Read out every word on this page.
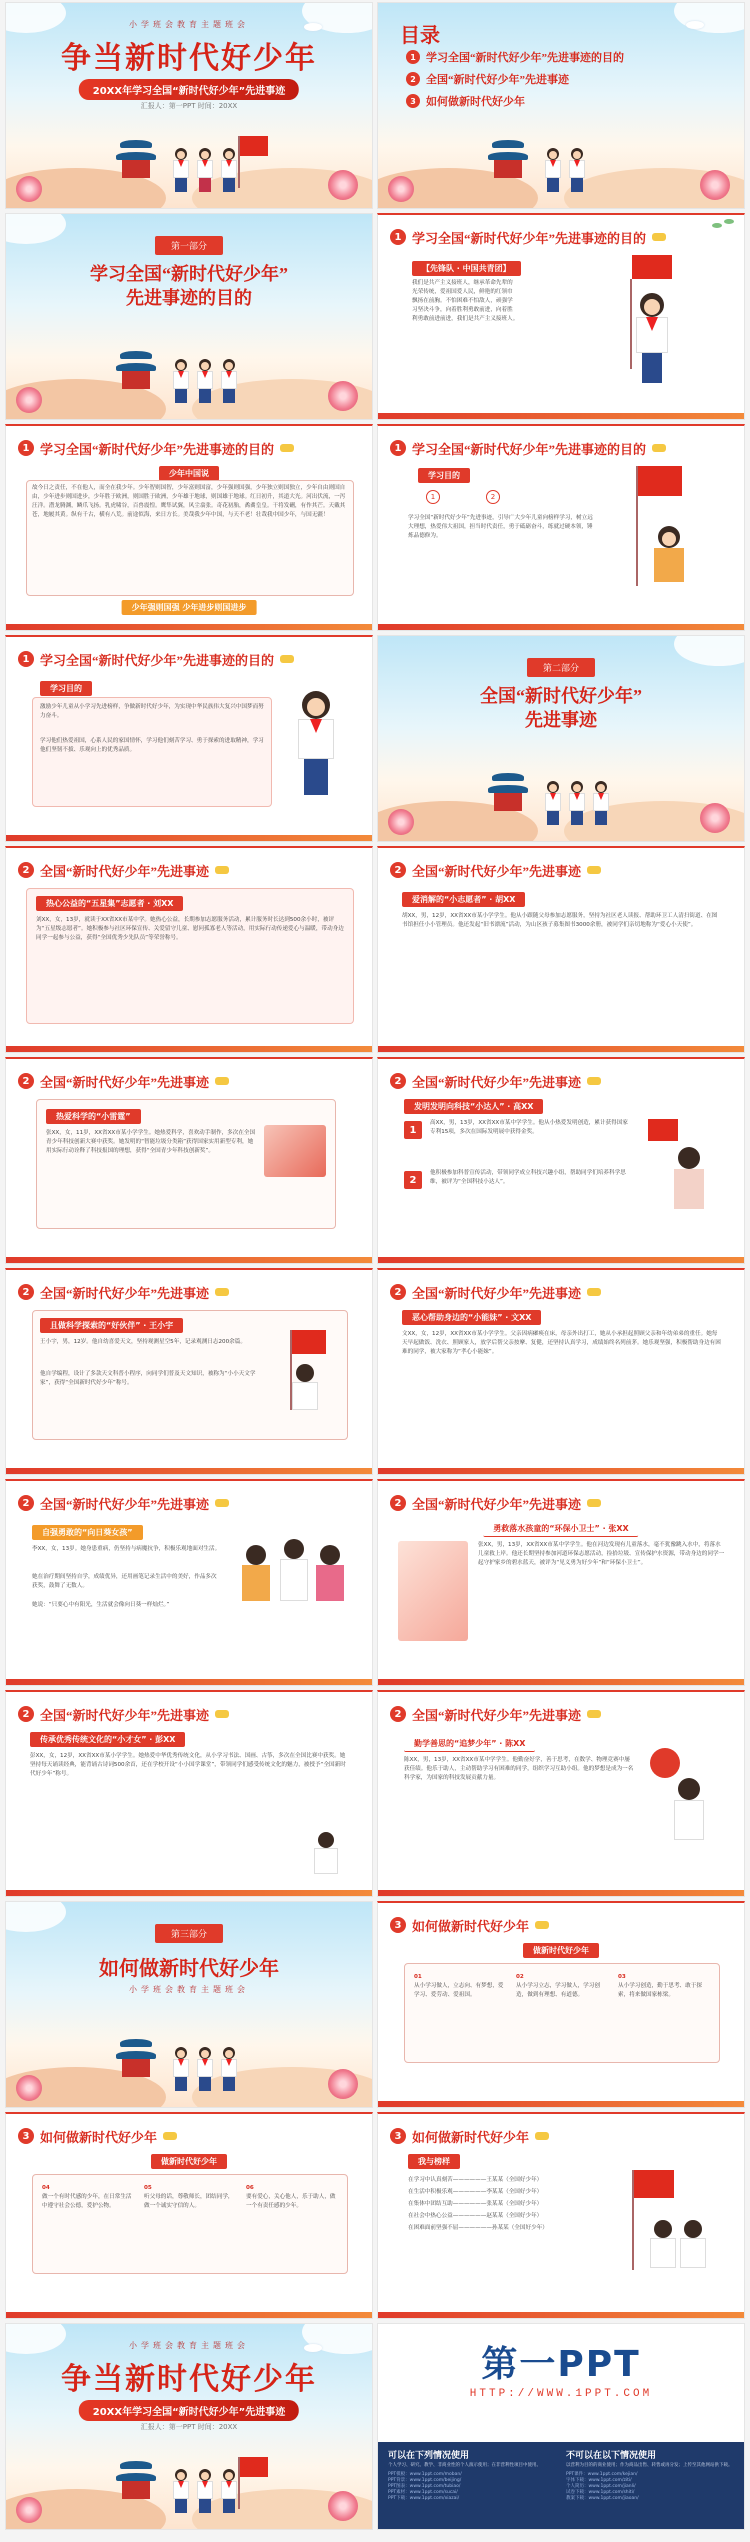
小学班会教育主题班会
争当新时代好少年
20XX年学习全国“新时代好少年”先进事迹
汇报人：第一PPT 时间：20XX
目录
1 学习全国“新时代好少年”先进事迹的目的
2 全国“新时代好少年”先进事迹
3 如何做新时代好少年
第一部分
学习全国“新时代好少年”
先进事迹的目的
1 学习全国“新时代好少年”先进事迹的目的
【先锋队 · 中国共青团】
我们是共产主义接班人，继承革命先辈的
光荣传统，爱祖国爱人民，鲜艳的红领巾
飘扬在前胸。不怕困难不怕敌人，顽强学
习坚决斗争，向着胜利勇敢前进，向着胜
利勇敢前进前进，我们是共产主义接班人。
1 学习全国“新时代好少年”先进事迹的目的
少年中国说
故今日之责任，不在他人，而全在我少年。少年智则国智，少年富则国富，少年强则国强，少年独立则国独立，少年自由则国自由，少年进步则国进步，少年胜于欧洲，则国胜于欧洲，少年雄于地球，则国雄于地球。红日初升，其道大光。河出伏流，一泻汪洋。潜龙腾渊，鳞爪飞扬。乳虎啸谷，百兽震惶。鹰隼试翼，风尘翕张。奇花初胎，矞矞皇皇。干将发硎，有作其芒。天戴其苍，地履其黄。纵有千古，横有八荒。前途似海，来日方长。美哉我少年中国，与天不老！壮哉我中国少年，与国无疆！
少年强则国强 少年进步则国进步
1 学习全国“新时代好少年”先进事迹的目的
学习目的
1	2
学习全国“新时代好少年”先进事迹，引导广大少年儿童向榜样学习，树立远大理想，热爱伟大祖国，担当时代责任，勇于砥砺奋斗，练就过硬本领，锤炼品德修为。
1 学习全国“新时代好少年”先进事迹的目的
学习目的
激励少年儿童从小学习先进榜样，争做新时代好少年，为实现中华民族伟大复兴中国梦而努力奋斗。
学习他们热爱祖国，心系人民的家国情怀，学习他们刻苦学习、勇于探索的进取精神，学习他们坚韧不拔、乐观向上的优秀品质。
第二部分
全国“新时代好少年”
先进事迹
2 全国“新时代好少年”先进事迹
热心公益的“五星集”志愿者 · 刘XX
刘XX，女，13岁，就读于XX省XX市某中学。她热心公益，长期参加志愿服务活动，累计服务时长达到500余小时，被评为“五星级志愿者”。她积极参与社区环保宣传、关爱留守儿童、慰问孤寡老人等活动，用实际行动传递爱心与温暖，带动身边同学一起参与公益，获得“全国优秀少先队员”等荣誉称号。
2 全国“新时代好少年”先进事迹
爱消解的“小志愿者” · 胡XX
胡XX，男，12岁，XX省XX市某小学学生。他从小跟随父母参加志愿服务，坚持为社区老人读报、帮助环卫工人清扫街道、在图书馆担任小小管理员。他还发起“旧书漂流”活动，为山区孩子募集图书3000余册，被同学们亲切地称为“爱心小天使”。
2 全国“新时代好少年”先进事迹
热爱科学的“小雷霆”
张XX，女，11岁，XX省XX市某小学学生。她热爱科学，喜欢动手制作，多次在全国青少年科技创新大赛中获奖。她发明的“智能垃圾分类箱”获得国家实用新型专利，她用实际行动诠释了科技报国的理想，获得“全国青少年科技创新奖”。
2 全国“新时代好少年”先进事迹
发明发明向科技“小达人” · 高XX
1
高XX，男，13岁，XX省XX市某中学学生。他从小热爱发明创造，累计获得国家专利15项，多次在国际发明展中获得金奖。
2
他积极参加科普宣传活动，带领同学成立科技兴趣小组，帮助同学们培养科学思维，被评为“全国科技小达人”。
2 全国“新时代好少年”先进事迹
且做科学探索的“好伙伴” · 王小宇
王小宇，男，12岁。他自幼喜爱天文，坚持观测星空5年，记录观测日志200余篇。
他自学编程，设计了多款天文科普小程序，向同学们普及天文知识，被称为“小小天文学家”，获得“全国新时代好少年”称号。
2 全国“新时代好少年”先进事迹
恶心帮助身边的“小能妹” · 文XX
文XX，女，12岁，XX省XX市某小学学生。父亲因病瘫痪在床，母亲外出打工，她从小承担起照顾父亲和年幼弟弟的重任。她每天早起做饭、洗衣、照顾家人，放学后帮父亲按摩、复健，还坚持认真学习，成绩始终名列前茅。她乐观坚强，积极帮助身边有困难的同学，被大家称为“孝心小能妹”。
2 全国“新时代好少年”先进事迹
自强勇敢的“向日葵女孩”
李XX，女，13岁。她身患重病，仍坚持与病魔抗争，积极乐观地面对生活。
她在治疗期间坚持自学，成绩优异，还用画笔记录生活中的美好，作品多次获奖，鼓舞了无数人。
她说：“只要心中有阳光，生活就会像向日葵一样灿烂。”
2 全国“新时代好少年”先进事迹
勇救落水孩童的“环保小卫士” · 张XX
张XX，男，13岁，XX省XX市某中学学生。他在河边发现有儿童落水，毫不犹豫跳入水中，将落水儿童救上岸。他还长期坚持参加河道环保志愿活动，捡拾垃圾、宣传保护水资源，带动身边的同学一起守护家乡的碧水蓝天，被评为“见义勇为好少年”和“环保小卫士”。
2 全国“新时代好少年”先进事迹
传承优秀传统文化的“小才女” · 彭XX
彭XX，女，12岁，XX省XX市某小学学生。她热爱中华优秀传统文化，从小学习书法、国画、古筝，多次在全国比赛中获奖。她坚持每天诵读经典，能背诵古诗词500余首，还在学校开设“小小国学课堂”，带领同学们感受传统文化的魅力，被授予“全国新时代好少年”称号。
2 全国“新时代好少年”先进事迹
勤学善思的“追梦少年” · 陈XX
陈XX，男，13岁，XX省XX市某中学学生。他勤奋好学，善于思考，在数学、物理竞赛中屡获佳绩。他乐于助人，主动帮助学习有困难的同学，组织学习互助小组。他的梦想是成为一名科学家，为国家的科技发展贡献力量。
第三部分
如何做新时代好少年
小学班会教育主题班会
3 如何做新时代好少年
做新时代好少年
01
从小学习做人，立志向、有梦想，爱学习、爱劳动、爱祖国。
02
从小学习立志，学习做人，学习创造，做到有理想、有道德。
03
从小学习创造，勤于思考、敢于探索，将来做国家栋梁。
3 如何做新时代好少年
做新时代好少年
04
做一个有时代感的少年，在日常生活中遵守社会公德，爱护公物。
05
听父母的话，尊敬师长，团结同学，做一个诚实守信的人。
06
要有爱心，关心他人，乐于助人，做一个有责任感的少年。
3 如何做新时代好少年
我与榜样
在学习中认真刻苦——————王某某（全国好少年）
在生活中积极乐观——————李某某（全国好少年）
在集体中团结互助——————张某某（全国好少年）
在社会中热心公益——————赵某某（全国好少年）
在困难面前坚强不屈——————孙某某（全国好少年）
小学班会教育主题班会
争当新时代好少年
20XX年学习全国“新时代好少年”先进事迹
汇报人：第一PPT 时间：20XX
第一PPT
HTTP://WWW.1PPT.COM
可以在下列情况使用

个人学习、研究、教学、非商业性的个人演示使用；在非营利性项目中使用。

PPT模板：www.1ppt.com/moban/
PPT背景：www.1ppt.com/beijing/
PPT图表：www.1ppt.com/tubiao/
PPT素材：www.1ppt.com/sucai/
PPT下载：www.1ppt.com/xiazai/
不可以在以下情况使用

以营利为目的的商业使用；作为商品出售、转售或再分发；上传至其他网站供下载。

PPT课件：www.1ppt.com/kejian/
字体下载：www.1ppt.com/ziti/
个人简历：www.1ppt.com/jianli/
试卷下载：www.1ppt.com/shiti/
教案下载：www.1ppt.com/jiaoan/
